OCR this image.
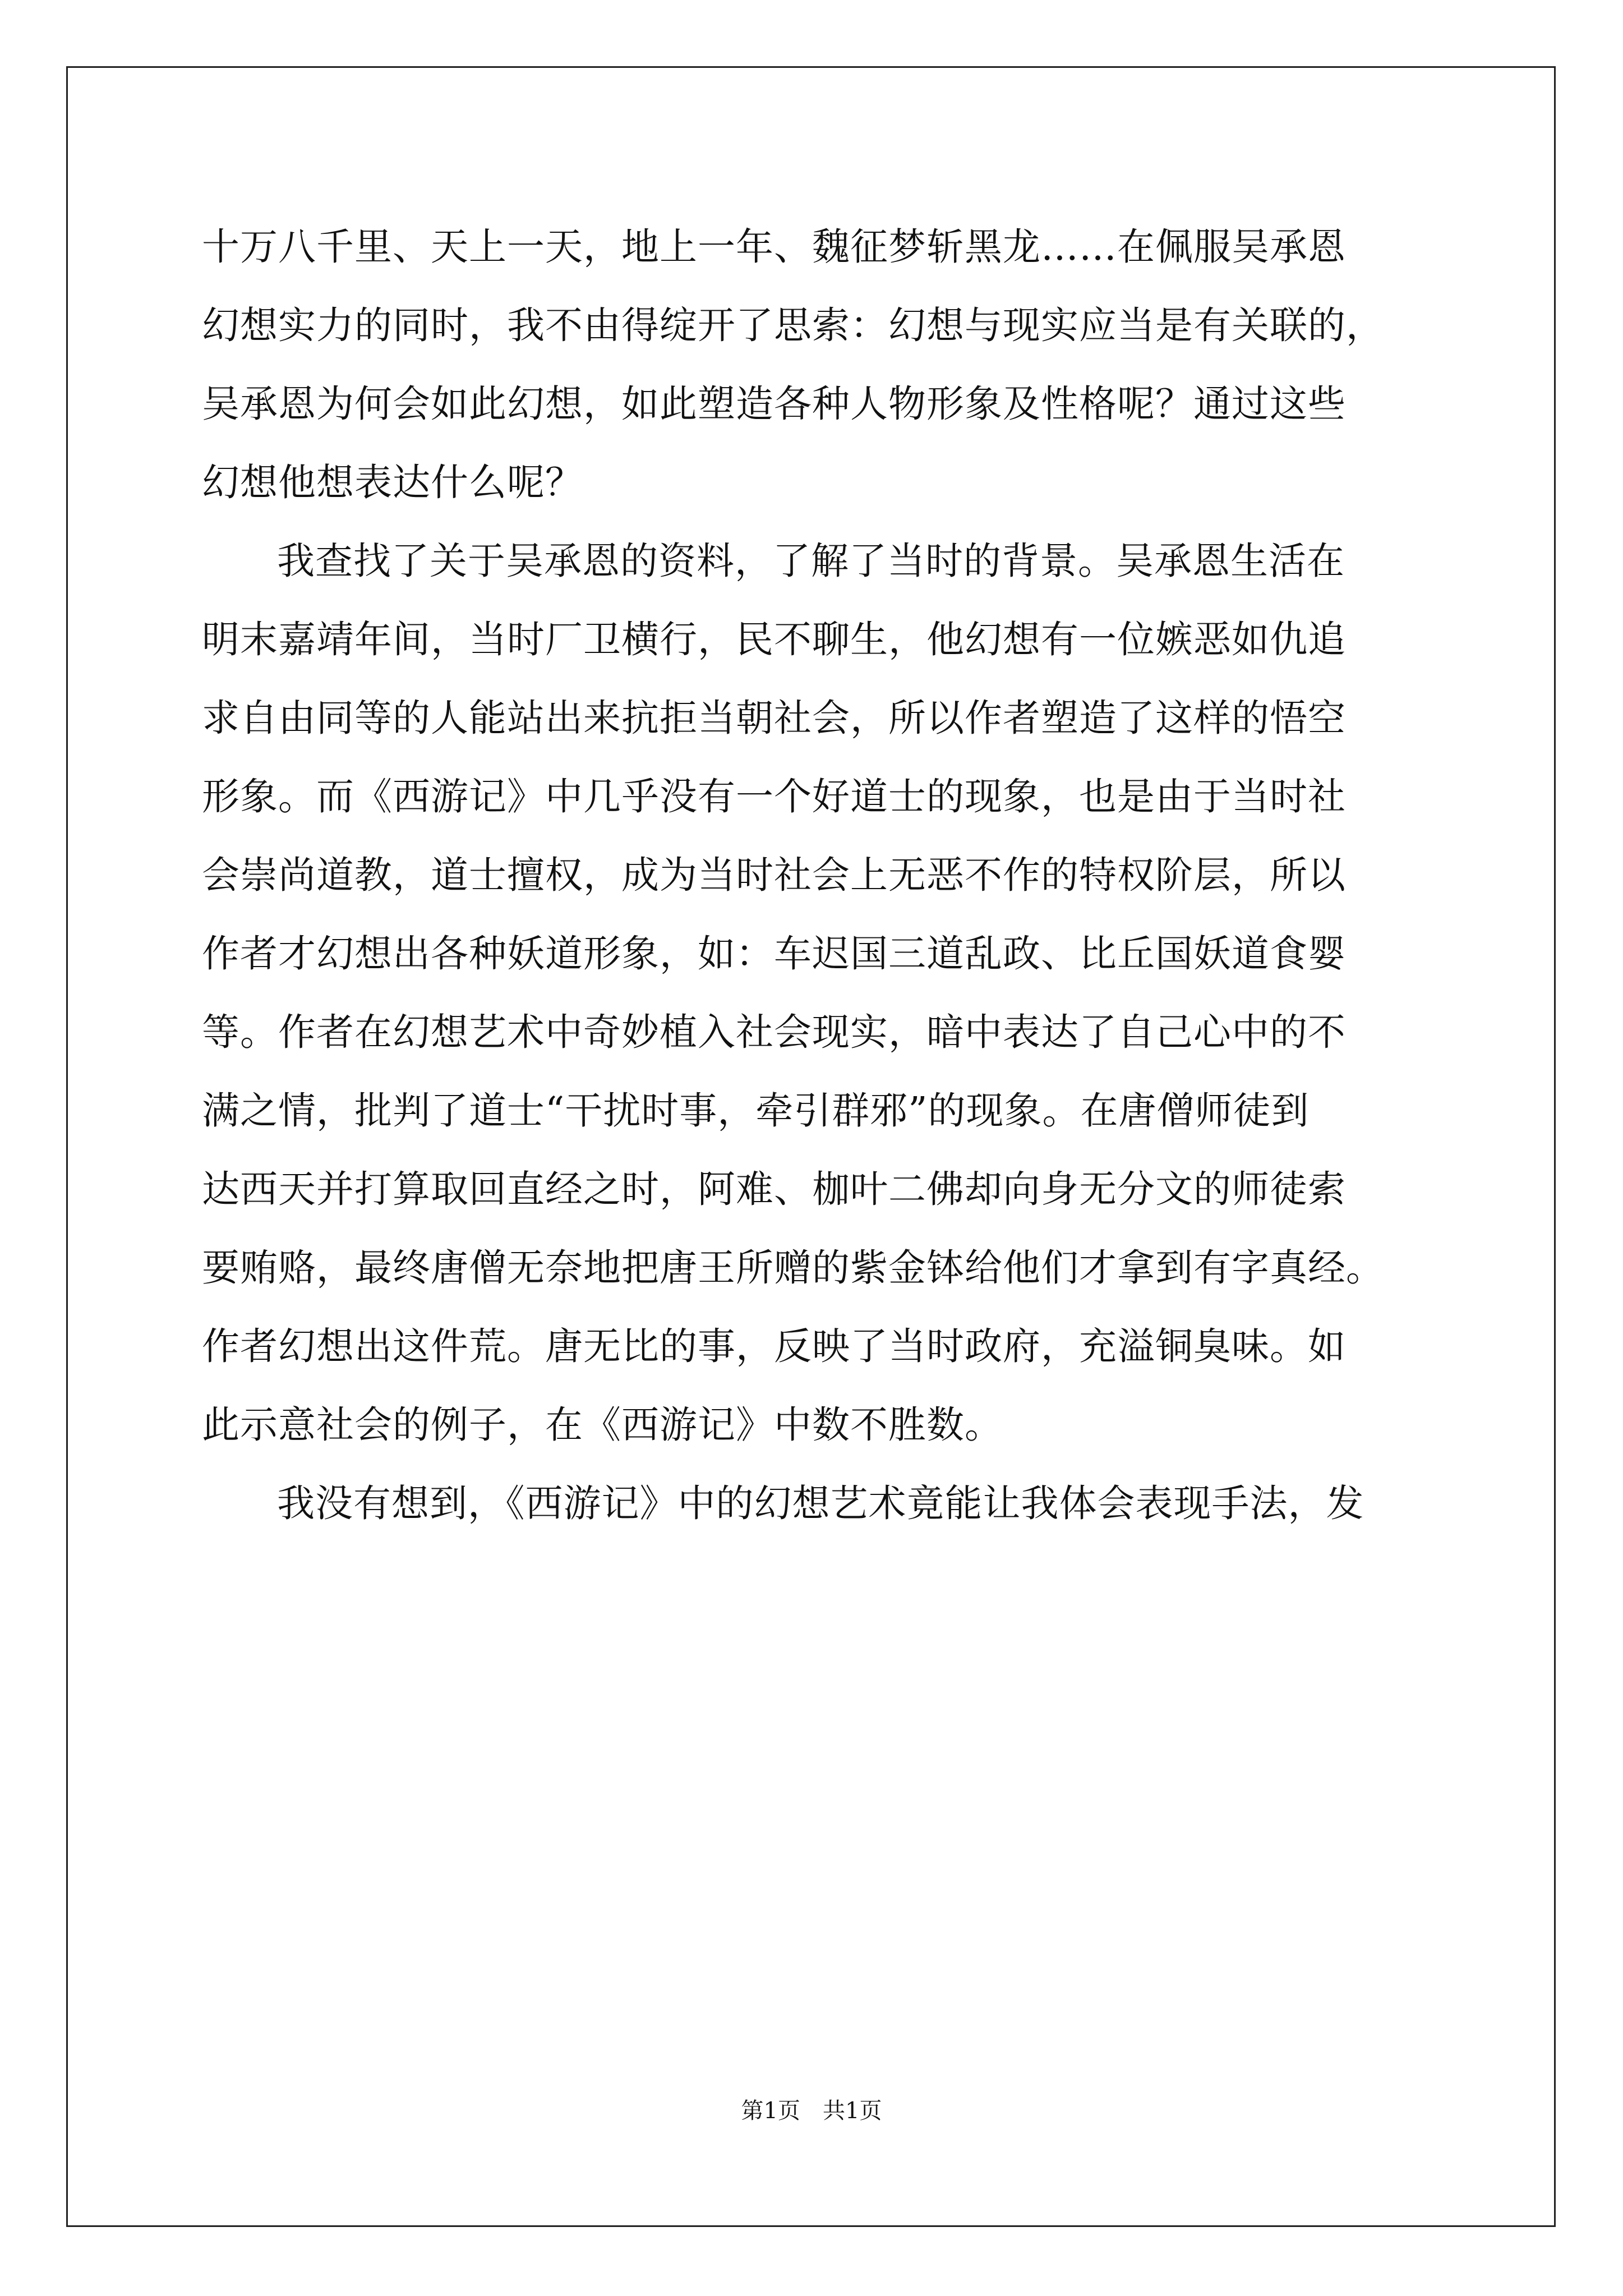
十万八千里、天上一天，地上一年、魏征梦斩黑龙……在佩服吴承恩
幻想实力的同时，我不由得绽开了思索：幻想与现实应当是有关联的，
吴承恩为何会如此幻想，如此塑造各种人物形象及性格呢？通过这些
幻想他想表达什么呢？
我查找了关于吴承恩的资料，了解了当时的背景。吴承恩生活在
明末嘉靖年间，当时厂卫横行，民不聊生，他幻想有一位嫉恶如仇追
求自由同等的人能站出来抗拒当朝社会，所以作者塑造了这样的悟空
形象。而《西游记》中几乎没有一个好道士的现象，也是由于当时社
会崇尚道教，道士擅权，成为当时社会上无恶不作的特权阶层，所以
作者才幻想出各种妖道形象，如：车迟国三道乱政、比丘国妖道食婴
等。作者在幻想艺术中奇妙植入社会现实，暗中表达了自己心中的不
满之情，批判了道士“干扰时事，牵引群邪”的现象。在唐僧师徒到
达西天并打算取回直经之时，阿难、枷叶二佛却向身无分文的师徒索
要贿赂，最终唐僧无奈地把唐王所赠的紫金钵给他们才拿到有字真经。
作者幻想出这件荒。唐无比的事，反映了当时政府，充溢铜臭味。如
此示意社会的例子，在《西游记》中数不胜数。
我没有想到，《西游记》中的幻想艺术竟能让我体会表现手法，发
第1页　共1页
